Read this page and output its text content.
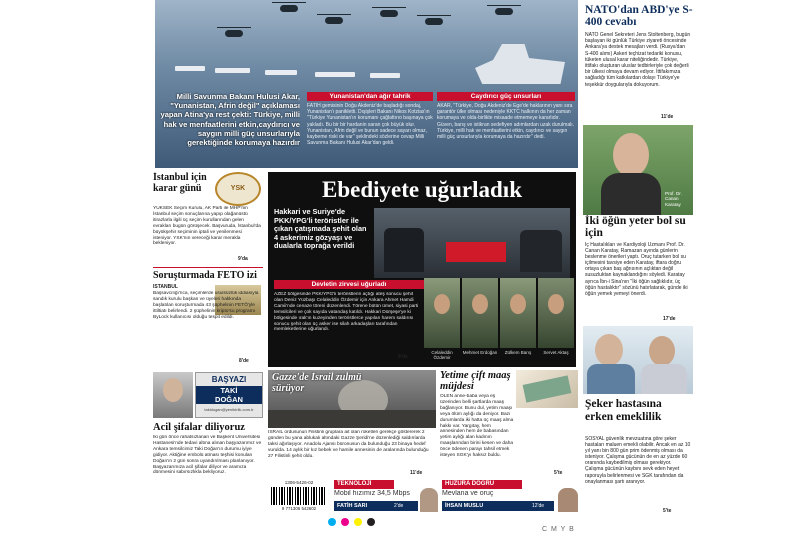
Milli Savunma Bakanı Hulusi Akar, "Yunanistan, Afrin değil" açıklaması yapan Atina'ya rest çekti: Türkiye, milli hak ve menfaatlerini etkin,caydırıcı ve saygın milli güç unsurlarıyla gerektiğinde korumaya hazırdır
Yunanistan'dan ağır tahrik
FATİH gemisinin Doğu Akdeniz'de başladığı sondaj, Yunanistan'ı panikletti. Dışişleri Bakanı Nikos Kotzias'ın "Türkiye Yunanistan'ın korumanı çağlattırıo başınaya çok yakladı. Bu bir bir hardanin saran çok büyük olur. Yunanistan, Afrin değil ve bunun sadece sayarı olmaz, kaybeme riski de var" şeklindeki sözlerine cevap Milli Savunma Bakanı Hulusi Akar'dan geldi.
Caydırıcı güç unsurları
AKAR, "Türkiye, Doğu Akdeniz'de Ege'de haklarının yanı sıra garantör ülke olması nedeniyle KKTC halkının da her zaman korumaya ve olda-birlikte misaade etmemeye kararlıdır. Güven, barış ve istikran sedefiyen adımlardan uzak durulmalı. Türkiye, milli hak ve menfaatlerini etkin, caydırıcı ve saygın milli güç unsurlarıyla korumaya da hazırdır" dedi.
NATO'dan ABD'ye S-400 cevabı
NATO Genel Sekreteri Jens Stoltenberg, bugün başlayan iki günlük Türkiye ziyareti öncesinde Ankara'ya destek mesajları verdi. (Rusya'dan S-400 alımı) Askeri teçhizat tedariki konusu, tüketen ulusal karar niteliğindedir. Türkiye, ittifakı oluşturan uluslar tedbirleriyle çok değerli bir ülkesi olmaya devam ediyor. İttifakımıza sağladığı tüm katkılardan dolayı Türkiye'ye teşekkür doygularıyla dokuyorum.
11'de
Prof. Dr. Canan Karatay
İki öğün yeter bol su için
İç Hastalıkları ve Kardiyoloji Uzmanı Prof. Dr. Canan Karatay, Ramazan ayında günlerin beslenme önerileri yaptı. Oruç tutarken bol su içilmesini tavsiye eden Karatay, iftara doğru ortaya çıkan baş ağrısının açlıktan değil susuzluktan kaynaklandığını söyledi. Karatay ayrıca İbn-i Sina'nın "İki öğün sağlıklıdır, üç öğün hastalıktır" sözünü hatırlatarak, günde iki öğün yemek yemeyi önerdi.
17'de
Şeker hastasına erken emeklilik
SOSYAL güvenlik mevzuatına göre şeker hastaları maluen emekli olabilir. Ancak en az 10 yıl yanı bin 800 gün prim ödenmiş olması da isteniyor. Çalışma gücünün de en az yüzde 60 oranında kaybedilmiş olması gerekiyor. Çalışma gücünün kaybını sevk eden heyet raporuyla belirlenmesi ve SGK tarafından da onaylanması şartı aranıyor.
5'te
İstanbul için karar günü	YSK
YÜKSEK Seçim Kurulu, AK Parti ile MHP'nin İstanbul seçim sonuçlarına yapıp olağanüstü itirazlarla ilgili üç seçim kurullarından gelen evrakları bugün görüşecek. Başvuruda, İstanbul'da büyükşehir seçiminin iptali ve yenilenmesi isteniyor. YSK'nın vereceği karar merakla bekleniyor.
9'da
Soruşturmada FETÖ izi
İSTANBUL
Başsavcılığı'nca, seçimlerde usulsüzlük iddiasıyla sandık kurulu başkan ve üyeleri hakkında başlatılan soruşturmada 43 şüphelinin FETÖ'yle ittiltiatı belirlendi. 2 şüphelinin kripto’su programı ByLock kullanıcısı olduğu tespit edildi.
8'de
Ebediyete uğurladık
Hakkari ve Suriye'de PKK/YPG'li teröristler ile çıkan çatışmada şehit olan 4 askerimiz gözyaşı ve dualarla toprağa verildi
Devletin zirvesi uğurladı
AZEZ bölgesinde PKK/YPG'li teröristlerin açtığı ateş sonucu şehit olan Deniz Yüzbaşı Celaleddin Özdemir için Ankara Ahmet Hamdi Camii'nde cenaze töreni düzenlendi. Törene bütün ümet, siyasi parti temsilcileri ve çok sayıda vatandaş katıldı. Hakkari Dürşeşe'ye ki bölgesinde ırak'ın kuzeyinden teröristlerce yapılan harem saldırısı sonucu şehit olan üç asker ise silah arkadaşları tarafından memleketlerine uğurlandı.
8'de
Celaleddin Özdemir
Mehmet Erdoğan	Zülkem Barış	Servet Aktaş
BAŞYAZI
TAKİ
DOĞAN
takidogan@yenibirlik.com.tr
Acil şifalar diliyoruz
İki gün önce rahatsızlanan ve Başkent Üniversitesi Hastanesi'nde tedavi altına alınan başyazarımız ve Ankara temsilcimiz Taki Doğan'ın durumu iyiye gidiyor. Aktiğine embolü atması teşhisi konulan Doğan'ın 2 gün sonra uyandırılması planlanıyor. Başyazarımıza acil şifalar diliyor ve aramıza dönmesini sabırsızlıkla bekliyoruz.
Gazze'de İsrail zulmü sürüyor
İSRAİL ordusunun Filistinli gruplara ait olan roketleri gerekçe göstererek 2 günden bu yana ablukalı altındaki Gazze Şeridi'ne düzenlediği saldırılarda taksi ağırlaşıyor. Anadolu Ajansı büronusun da bulunduğu 23 binaya hedef vurulda. 14 aylık bir kız bebek ve hamile annesinin de aralarında bulunduğu 27 Filistinli şehit oldu.
11'de
Yetime çift maaş müjdesi
ÖLEN anne-baba veya eş üzerinden belli şartlarda maaş bağlanıyor. Bunu dul, yetim maaşı veya ölüm aylığı da deniyor. Bazı durumlarda iki hatta üç maaş alma hakkı var. Yargıtay, hem annesinden hem de babasından yetim aylığı alan kadının maaşlarından birini kesen ve daha önce ödenen parayı tahsil etmek isteyen SGK'yı haksız buldu.
5'te
1306-5426-02
9 771306 542602
TEKNOLOJİ
Mobil hızımız 34,5 Mbps
FATİH SARI	2'de
HUZURA DOĞRU
Mevlana ve oruç
İHSAN MUSLU	12'de
C M Y B
